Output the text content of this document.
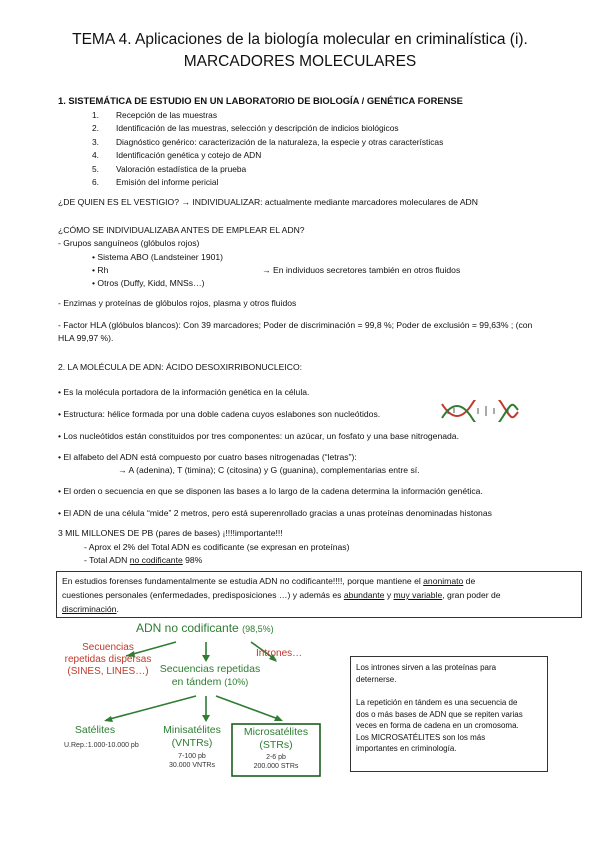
TEMA 4. Aplicaciones de la biología molecular en criminalística (i).
MARCADORES MOLECULARES
1. SISTEMÁTICA DE ESTUDIO EN UN LABORATORIO DE BIOLOGÍA / GENÉTICA FORENSE
1. Recepción de las muestras
2. Identificación de las muestras, selección y descripción de indicios biológicos
3. Diagnóstico genérico: caracterización de la naturaleza, la especie y otras características
4. Identificación genética y cotejo de ADN
5. Valoración estadística de la prueba
6. Emisión del informe pericial
¿DE QUIEN ES EL VESTIGIO? → INDIVIDUALIZAR: actualmente mediante marcadores moleculares de ADN
¿CÓMO SE INDIVIDUALIZABA ANTES DE EMPLEAR EL ADN?
- Grupos sanguíneos (glóbulos rojos)
• Sistema ABO (Landsteiner 1901)
• Rh	→ En individuos secretores también en otros fluidos
• Otros (Duffy, Kidd, MNSs…)
- Enzimas y proteínas de glóbulos rojos, plasma y otros fluidos
- Factor HLA (glóbulos blancos): Con 39 marcadores; Poder de discriminación = 99,8 %; Poder de exclusión = 99,63% ; (con
HLA 99,97 %).
2. LA MOLÉCULA DE ADN: ÁCIDO DESOXIRRIBONUCLEICO:
• Es la molécula portadora de la información genética en la célula.
• Estructura: hélice formada por una doble cadena cuyos eslabones son nucleótidos.
• Los nucleótidos están constituidos por tres componentes: un azúcar, un fosfato y una base nitrogenada.
• El alfabeto del ADN está compuesto por cuatro bases nitrogenadas (“letras”):
→ A (adenina), T (timina); C (citosina) y G (guanina), complementarias entre sí.
• El orden o secuencia en que se disponen las bases a lo largo de la cadena determina la información genética.
• El ADN de una célula “mide” 2 metros, pero está superenrollado gracias a unas proteínas denominadas histonas
3 MIL MILLONES DE PB (pares de bases) ¡!!!!importante!!!
- Aprox el 2% del Total ADN es codificante (se expresan en proteínas)
- Total ADN no codificante 98%
En estudios forenses fundamentalmente se estudia ADN no codificante!!!!, porque mantiene el anonimato de
cuestiones personales (enfermedades, predisposiciones …) y además es abundante y muy variable, gran poder de
discriminación.
ADN no codificante (98,5%)
Secuencias
repetidas dispersas
(SINES, LINES…)
Intrones…
Secuencias repetidas
en tándem (10%)
Satélites
U.Rep.:1.000-10.000 pb
Minisatélites
(VNTRs)
7-100 pb
30.000 VNTRs
Microsatélites
(STRs)
2-6 pb
200.000 STRs
Los intrones sirven a las proteínas para
deternerse.
La repetición en tándem es una secuencia de
dos o más bases de ADN que se repiten varias
veces en forma de cadena en un cromosoma.
Los MICROSATÉLITES son los más
importantes en criminología.
